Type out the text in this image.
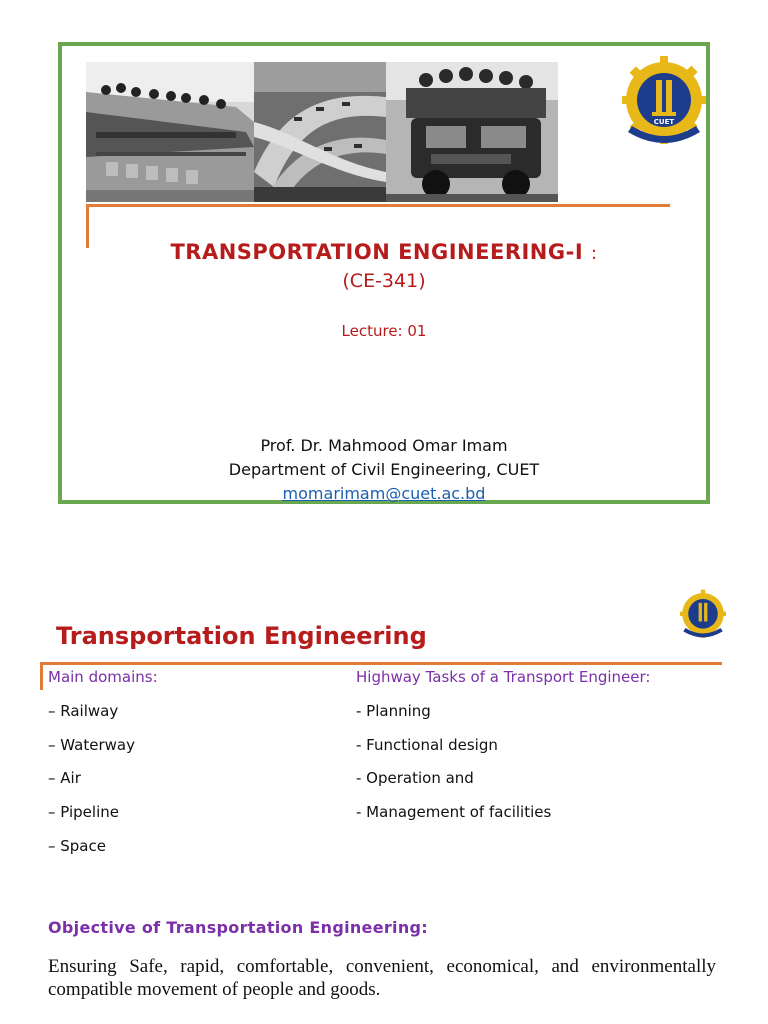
CUET
TRANSPORTATION ENGINEERING-I :
(CE-341)
Lecture: 01
Prof. Dr. Mahmood Omar Imam
Department of Civil Engineering, CUET
momarimam@cuet.ac.bd
Transportation Engineering
Main domains:
– Railway
– Waterway
– Air
– Pipeline
– Space
Highway Tasks of a Transport Engineer:
- Planning
- Functional design
- Operation and
- Management of facilities
Objective of Transportation Engineering:
Ensuring Safe, rapid, comfortable, convenient, economical, and environmentally compatible movement of people and goods.
